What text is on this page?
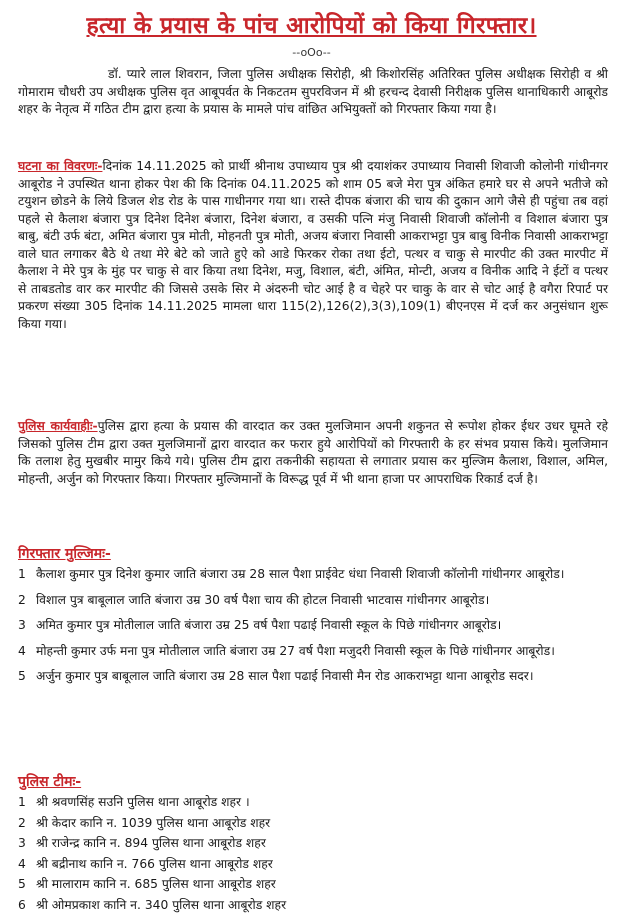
हत्या के प्रयास के पांच आरोपियों को किया गिरफ्तार।
--oOo--

डॉ. प्यारे लाल शिवरान, जिला पुलिस अधीक्षक सिरोही, श्री किशोरसिंह अतिरिक्त पुलिस अधीक्षक सिरोही व श्री गोमाराम चौधरी उप अधीक्षक पुलिस वृत आबूपर्वत के निकटतम सुपरविजन में श्री हरचन्द देवासी निरीक्षक पुलिस थानाधिकारी आबूरोड शहर के नेतृत्व में गठित टीम द्वारा हत्या के प्रयास के मामले पांच वांछित अभियुक्तों को गिरफ्तार किया गया है।

घटना का विवरणः-दिनांक 14.11.2025 को प्रार्थी श्रीनाथ उपाध्याय पुत्र श्री दयाशंकर उपाध्याय निवासी शिवाजी कोलोनी गांधीनगर आबूरोड ने उपस्थित थाना होकर पेश की कि दिनांक 04.11.2025 को शाम 05 बजे मेरा पुत्र अंकित हमारे घर से अपने भतीजे को टयुशन छोडने के लिये डिजल शेड रोड के पास गाधीनगर गया था। रास्ते दीपक बंजारा की चाय की दुकान आगे जैसे ही पहुंचा तब वहां पहले से कैलाश बंजारा पुत्र दिनेश दिनेश बंजारा, दिनेश बंजारा, व उसकी पत्नि मंजु निवासी शिवाजी कॉलोनी व विशाल बंजारा पुत्र बाबु, बंटी उर्फ बंटा, अमित बंजारा पुत्र मोती, मोहनती पुत्र मोती, अजय बंजारा निवासी आकराभट्टा पुत्र बाबु विनीक निवासी आकराभट्टा वाले घात लगाकर बैठे थे तथा मेरे बेटे को जाते हुऐ को आडे फिरकर रोका तथा ईटो, पत्थर व चाकु से मारपीट की उक्त मारपीट में कैलाश ने मेरे पुत्र के मुंह पर चाकु से वार किया तथा दिनेश, मजु, विशाल, बंटी, अंमित, मोन्टी, अजय व विनीक आदि ने ईटों व पत्थर से ताबडतोड वार कर मारपीट की जिससे उसके सिर मे अंदरुनी चोट आई है व चेहरे पर चाकु के वार से चोट आई है वगैरा रिपार्ट पर प्रकरण संख्या 305 दिनांक 14.11.2025 मामला धारा 115(2),126(2),3(3),109(1) बीएनएस में दर्ज कर अनुसंधान शुरू किया गया।

पुलिस कार्यवाहीः-पुलिस द्वारा हत्या के प्रयास की वारदात कर उक्त मुलजिमान अपनी शकुनत से रूपोश होकर ईधर उधर घूमते रहे जिसको पुलिस टीम द्वारा उक्त मुलजिमानों द्वारा वारदात कर फरार हुये आरोपियों को गिरफ्तारी के हर संभव प्रयास किये। मुलजिमान कि तलाश हेतु मुखबीर मामुर किये गये। पुलिस टीम द्वारा तकनीकी सहायता से लगातार प्रयास कर मुल्जिम कैलाश, विशाल, अमिल, मोहन्ती, अर्जुन को गिरफ्तार किया। गिरफ्तार मुल्जिमानों के विरूद्ध पूर्व में भी थाना हाजा पर आपराधिक रिकार्ड दर्ज है।

गिरफ्तार मुल्जिमः-
1 कैलाश कुमार पुत्र दिनेश कुमार जाति बंजारा उम्र 28 साल पैशा प्राईवेट धंधा निवासी शिवाजी कॉलोनी गांधीनगर आबूरोड।
2 विशाल पुत्र बाबूलाल जाति बंजारा उम्र 30 वर्ष पैशा चाय की होटल निवासी भाटवास गांधीनगर आबूरोड।
3 अमित कुमार पुत्र मोतीलाल जाति बंजारा उम्र 25 वर्ष पैशा पढाई निवासी स्कूल के पिछे गांधीनगर आबूरोड।
4 मोहन्ती कुमार उर्फ मना पुत्र मोतीलाल जाति बंजारा उम्र 27 वर्ष पैशा मजुदरी निवासी स्कूल के पिछे गांधीनगर आबूरोड।
5 अर्जुन कुमार पुत्र बाबूलाल जाति बंजारा उम्र 28 साल पैशा पढाई निवासी मैन रोड आकराभट्टा थाना आबूरोड सदर।
पुलिस टीमः-
1 श्री श्रवणसिंह सउनि पुलिस थाना आबूरोड शहर ।
2 श्री केदार कानि न. 1039 पुलिस थाना आबूरोड शहर
3 श्री राजेन्द्र कानि न. 894 पुलिस थाना आबूरोड शहर
4 श्री बद्रीनाथ कानि न. 766 पुलिस थाना आबूरोड शहर
5 श्री मालाराम कानि न. 685 पुलिस थाना आबूरोड शहर
6 श्री ओमप्रकाश कानि न. 340 पुलिस थाना आबूरोड शहर
